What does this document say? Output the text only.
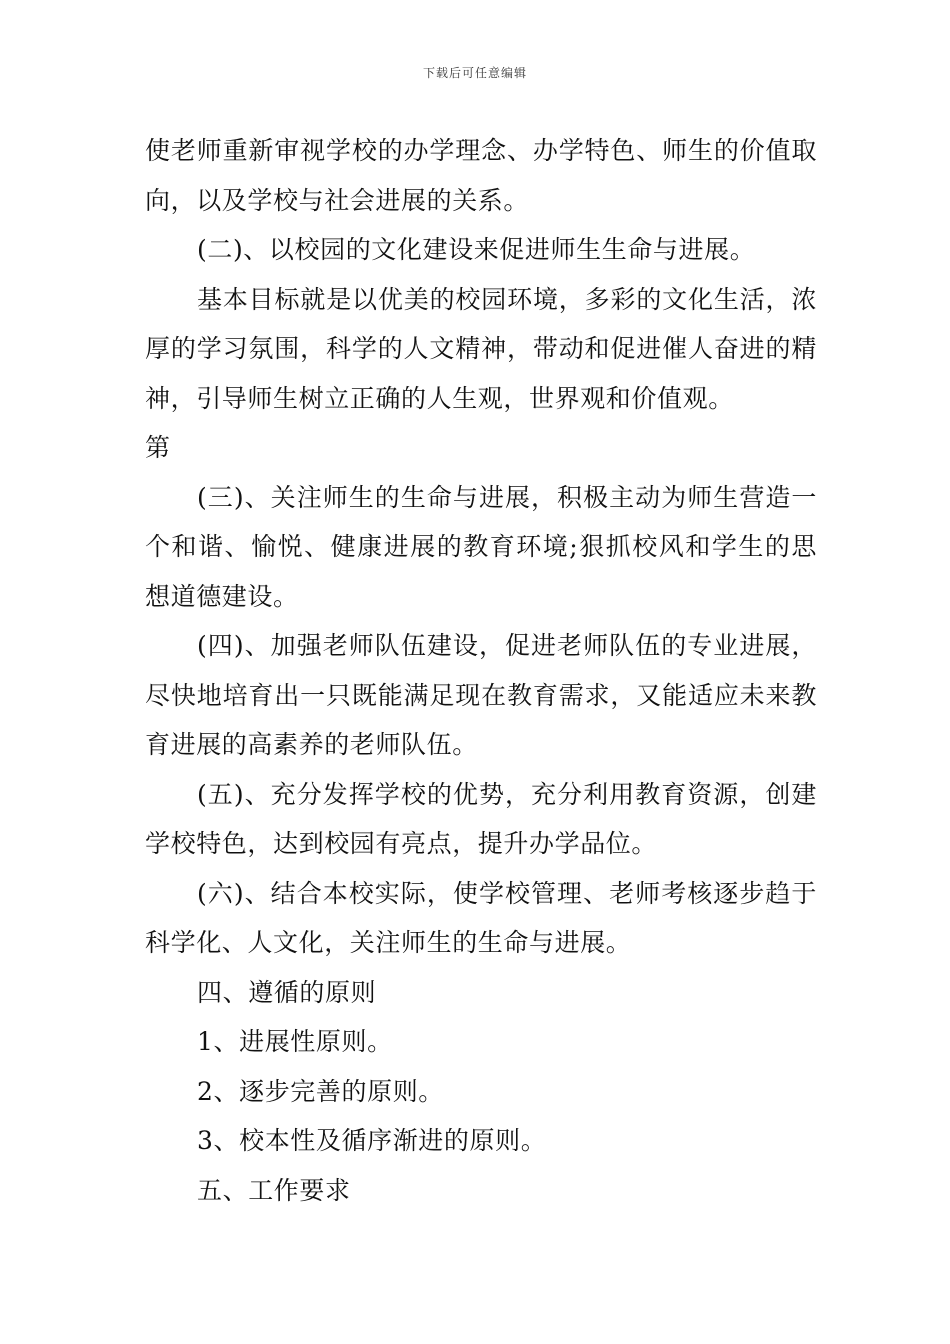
下载后可任意编辑

使老师重新审视学校的办学理念、办学特色、师生的价值取向，以及学校与社会进展的关系。

(二)、以校园的文化建设来促进师生生命与进展。

基本目标就是以优美的校园环境，多彩的文化生活，浓厚的学习氛围，科学的人文精神，带动和促进催人奋进的精神，引导师生树立正确的人生观，世界观和价值观。

第

(三)、关注师生的生命与进展，积极主动为师生营造一个和谐、愉悦、健康进展的教育环境;狠抓校风和学生的思想道德建设。

(四)、加强老师队伍建设，促进老师队伍的专业进展，尽快地培育出一只既能满足现在教育需求，又能适应未来教育进展的高素养的老师队伍。

(五)、充分发挥学校的优势，充分利用教育资源，创建学校特色，达到校园有亮点，提升办学品位。

(六)、结合本校实际，使学校管理、老师考核逐步趋于科学化、人文化，关注师生的生命与进展。

四、遵循的原则

1、进展性原则。

2、逐步完善的原则。

3、校本性及循序渐进的原则。

五、工作要求
